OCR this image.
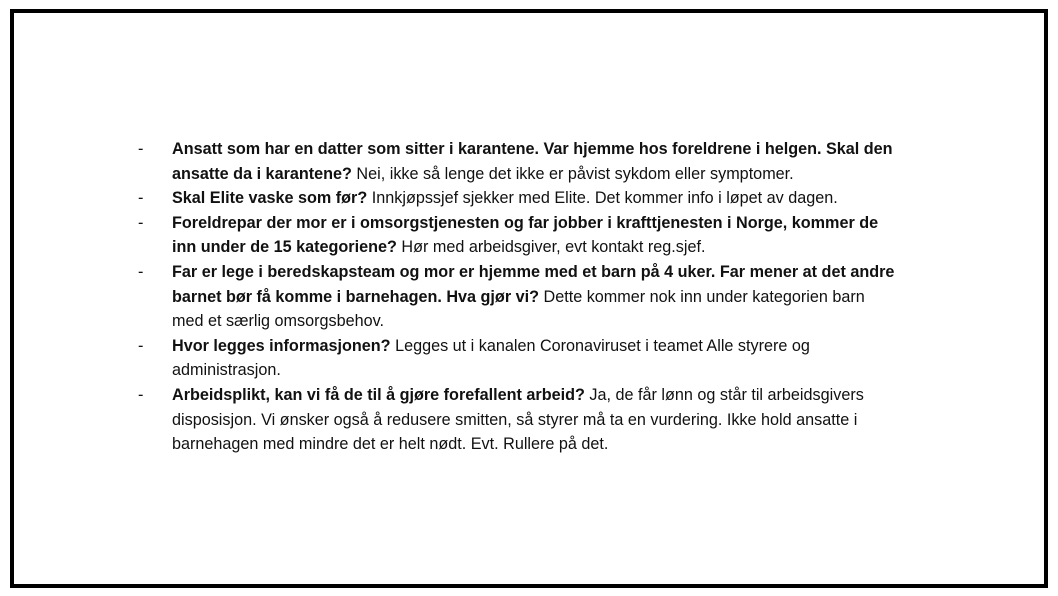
-	Ansatt som har en datter som sitter i karantene. Var hjemme hos foreldrene i helgen. Skal den ansatte da i karantene? Nei, ikke så lenge det ikke er påvist sykdom eller symptomer.
-	Skal Elite vaske som før? Innkjøpssjef sjekker med Elite. Det kommer info i løpet av dagen.
-	Foreldrepar der mor er i omsorgstjenesten og far jobber i krafttjenesten i Norge, kommer de inn under de 15 kategoriene? Hør med arbeidsgiver, evt kontakt reg.sjef.
-	Far er lege i beredskapsteam og mor er hjemme med et barn på 4 uker. Far mener at det andre barnet bør få komme i barnehagen. Hva gjør vi? Dette kommer nok inn under kategorien barn med et særlig omsorgsbehov.
-	Hvor legges informasjonen? Legges ut i kanalen Coronaviruset i teamet Alle styrere og administrasjon.
-	Arbeidsplikt, kan vi få de til å gjøre forefallent arbeid? Ja, de får lønn og står til arbeidsgivers disposisjon. Vi ønsker også å redusere smitten, så styrer må ta en vurdering. Ikke hold ansatte i barnehagen med mindre det er helt nødt. Evt. Rullere på det.
